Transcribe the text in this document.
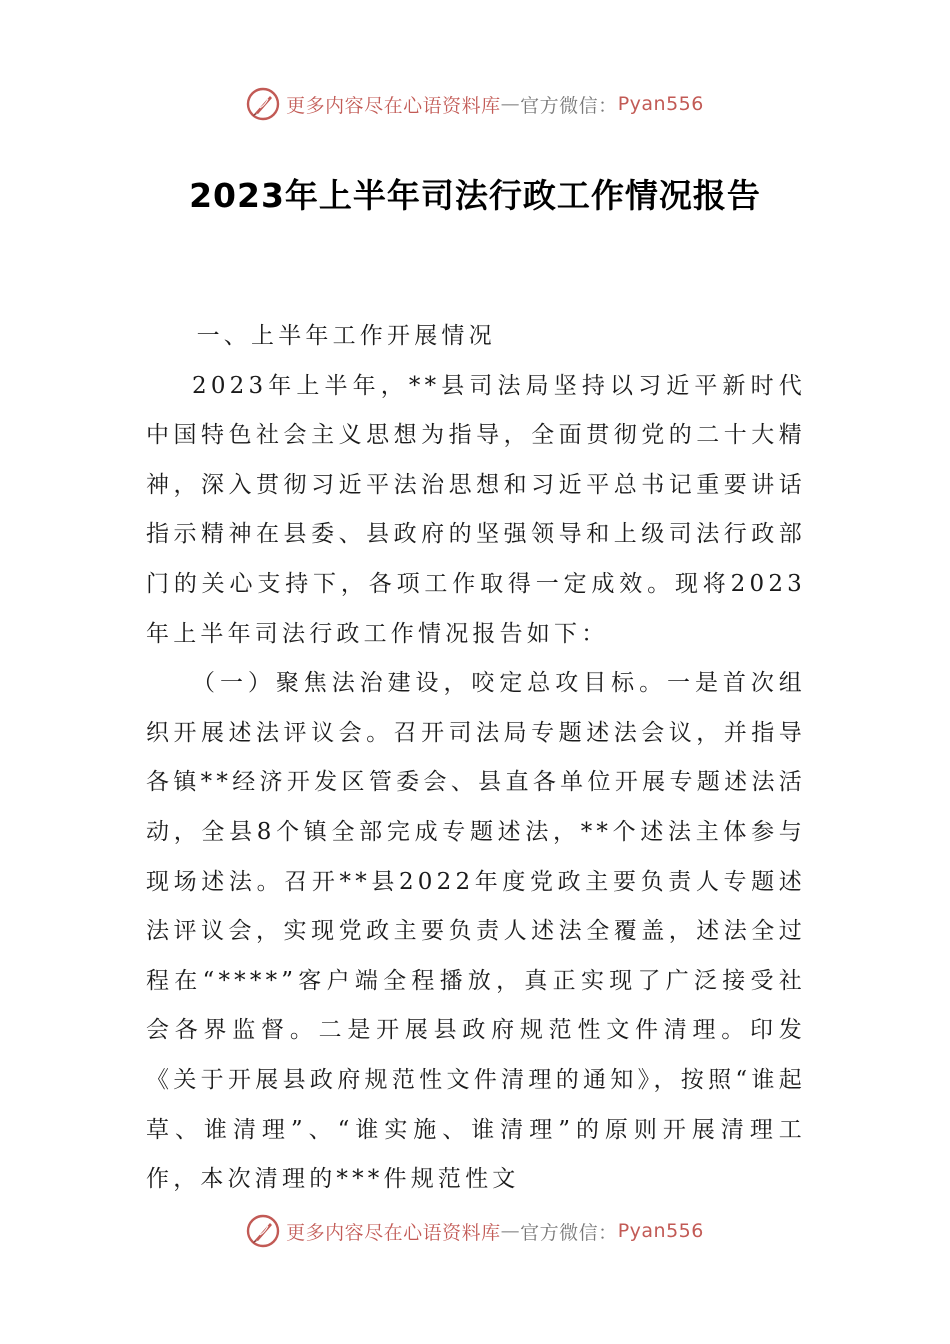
更多内容尽在心语资料库 — 官方微信： Pyan556
2023年上半年司法行政工作情况报告

一、上半年工作开展情况

2023年上半年，**县司法局坚持以习近平新时代中国特色社会主义思想为指导，全面贯彻党的二十大精神，深入贯彻习近平法治思想和习近平总书记重要讲话指示精神在县委、县政府的坚强领导和上级司法行政部门的关心支持下，各项工作取得一定成效。现将2023年上半年司法行政工作情况报告如下：

（一）聚焦法治建设，咬定总攻目标。一是首次组织开展述法评议会。召开司法局专题述法会议，并指导各镇**经济开发区管委会、县直各单位开展专题述法活动，全县8个镇全部完成专题述法，**个述法主体参与现场述法。召开**县2022年度党政主要负责人专题述法评议会，实现党政主要负责人述法全覆盖，述法全过程在“****”客户端全程播放，真正实现了广泛接受社会各界监督。二是开展县政府规范性文件清理。印发《关于开展县政府规范性文件清理的通知》，按照“谁起草、谁清理”、“谁实施、谁清理”的原则开展清理工作，本次清理的***件规范性文

更多内容尽在心语资料库 — 官方微信： Pyan556
